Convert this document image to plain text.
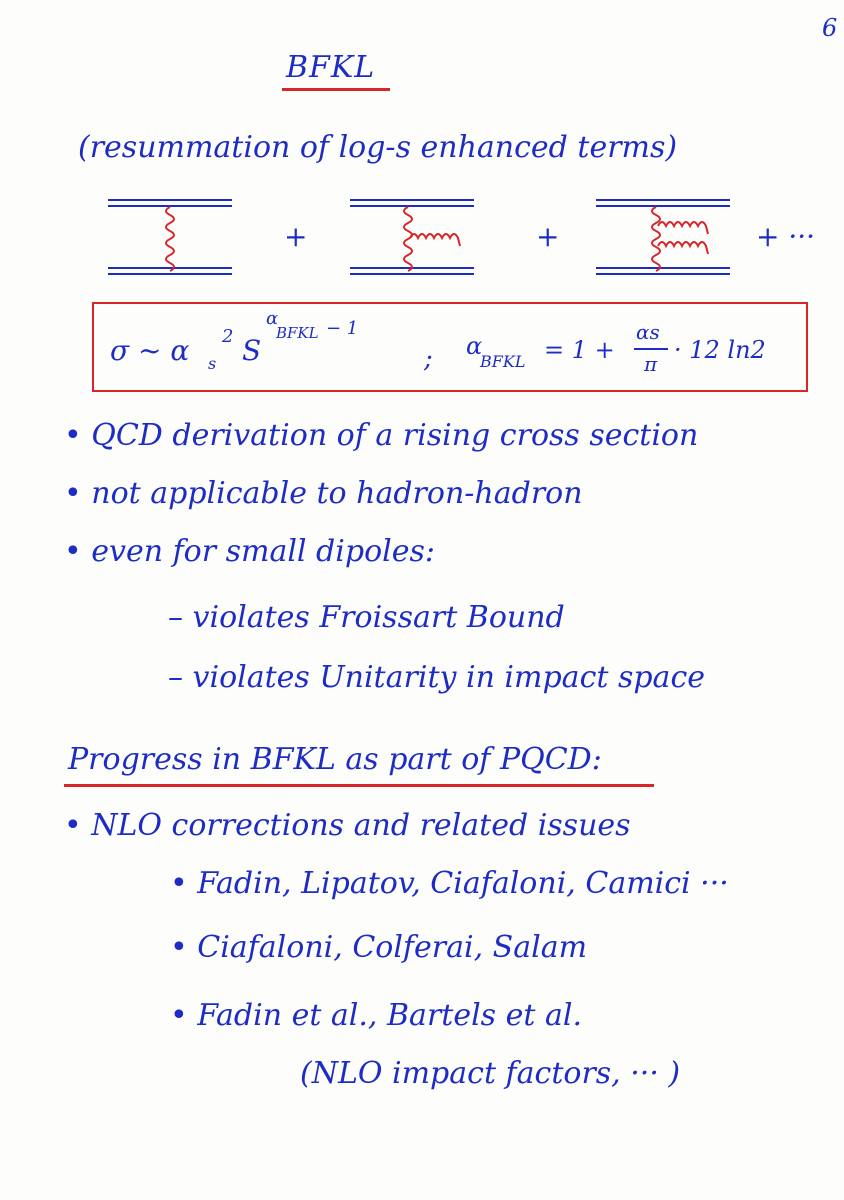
6
BFKL
(resummation of log-s enhanced terms)
+	+	+ ···
σ ~ α s
2 S
α
BFKL − 1
; α
BFKL = 1 +
αs
π · 12 ln2
• QCD derivation of a rising cross section
• not applicable to hadron-hadron
• even for small dipoles:
– violates Froissart Bound
– violates Unitarity in impact space
Progress in BFKL as part of PQCD:
• NLO corrections and related issues
• Fadin, Lipatov, Ciafaloni, Camici ···
• Ciafaloni, Colferai, Salam
• Fadin et al., Bartels et al.
(NLO impact factors, ··· )
